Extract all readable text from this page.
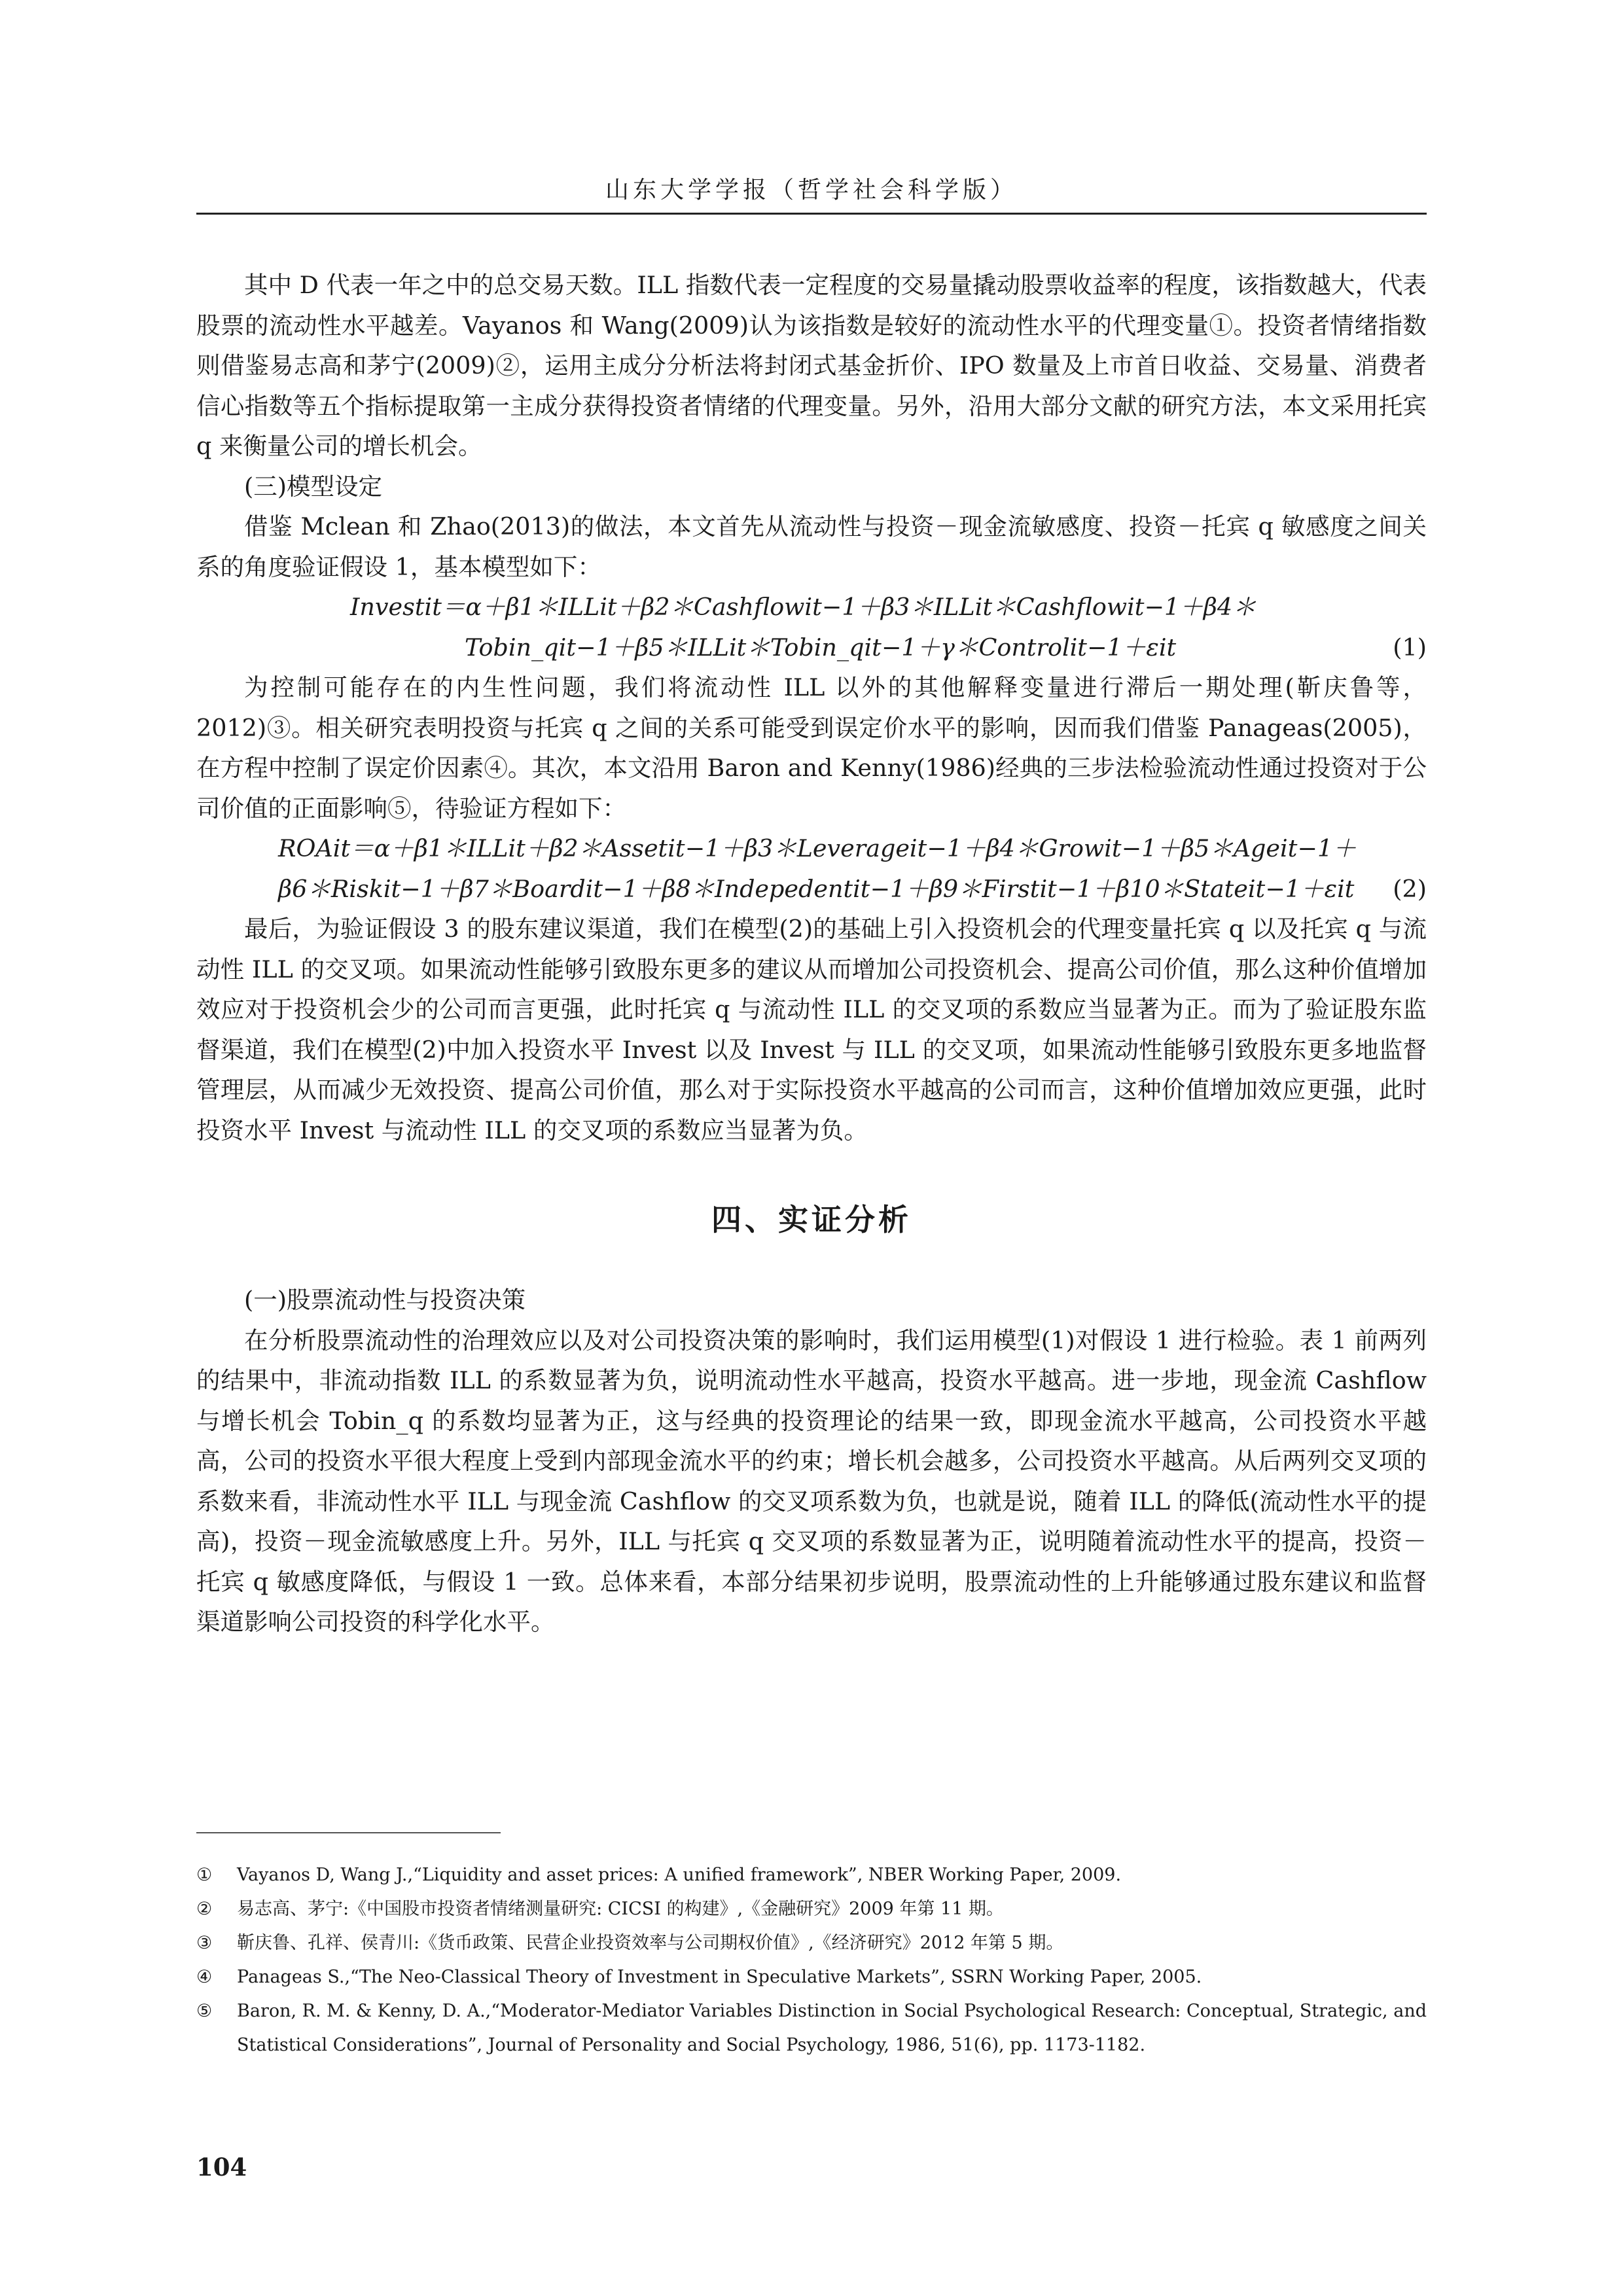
山东大学学报（哲学社会科学版）

其中 D 代表一年之中的总交易天数。ILL 指数代表一定程度的交易量撬动股票收益率的程度，该指数越大，代表股票的流动性水平越差。Vayanos 和 Wang(2009)认为该指数是较好的流动性水平的代理变量①。投资者情绪指数则借鉴易志高和茅宁(2009)②，运用主成分分析法将封闭式基金折价、IPO 数量及上市首日收益、交易量、消费者信心指数等五个指标提取第一主成分获得投资者情绪的代理变量。另外，沿用大部分文献的研究方法，本文采用托宾 q 来衡量公司的增长机会。

(三)模型设定

借鉴 Mclean 和 Zhao(2013)的做法，本文首先从流动性与投资－现金流敏感度、投资－托宾 q 敏感度之间关系的角度验证假设 1，基本模型如下：

Investit＝α＋β1＊ILLit＋β2＊Cashflowit−1＋β3＊ILLit＊Cashflowit−1＋β4＊
Tobin_qit−1＋β5＊ILLit＊Tobin_qit−1＋γ＊Controlit−1＋εit	(1)

为控制可能存在的内生性问题，我们将流动性 ILL 以外的其他解释变量进行滞后一期处理(靳庆鲁等，2012)③。相关研究表明投资与托宾 q 之间的关系可能受到误定价水平的影响，因而我们借鉴 Panageas(2005)，在方程中控制了误定价因素④。其次，本文沿用 Baron and Kenny(1986)经典的三步法检验流动性通过投资对于公司价值的正面影响⑤，待验证方程如下：

ROAit＝α＋β1＊ILLit＋β2＊Assetit−1＋β3＊Leverageit−1＋β4＊Growit−1＋β5＊Ageit−1＋
β6＊Riskit−1＋β7＊Boardit−1＋β8＊Indepedentit−1＋β9＊Firstit−1＋β10＊Stateit−1＋εit (2)

最后，为验证假设 3 的股东建议渠道，我们在模型(2)的基础上引入投资机会的代理变量托宾 q 以及托宾 q 与流动性 ILL 的交叉项。如果流动性能够引致股东更多的建议从而增加公司投资机会、提高公司价值，那么这种价值增加效应对于投资机会少的公司而言更强，此时托宾 q 与流动性 ILL 的交叉项的系数应当显著为正。而为了验证股东监督渠道，我们在模型(2)中加入投资水平 Invest 以及 Invest 与 ILL 的交叉项，如果流动性能够引致股东更多地监督管理层，从而减少无效投资、提高公司价值，那么对于实际投资水平越高的公司而言，这种价值增加效应更强，此时投资水平 Invest 与流动性 ILL 的交叉项的系数应当显著为负。

四、实证分析
(一)股票流动性与投资决策

在分析股票流动性的治理效应以及对公司投资决策的影响时，我们运用模型(1)对假设 1 进行检验。表 1 前两列的结果中，非流动指数 ILL 的系数显著为负，说明流动性水平越高，投资水平越高。进一步地，现金流 Cashflow 与增长机会 Tobin_q 的系数均显著为正，这与经典的投资理论的结果一致，即现金流水平越高，公司投资水平越高，公司的投资水平很大程度上受到内部现金流水平的约束；增长机会越多，公司投资水平越高。从后两列交叉项的系数来看，非流动性水平 ILL 与现金流 Cashflow 的交叉项系数为负，也就是说，随着 ILL 的降低(流动性水平的提高)，投资－现金流敏感度上升。另外，ILL 与托宾 q 交叉项的系数显著为正，说明随着流动性水平的提高，投资－托宾 q 敏感度降低，与假设 1 一致。总体来看，本部分结果初步说明，股票流动性的上升能够通过股东建议和监督渠道影响公司投资的科学化水平。

① Vayanos D, Wang J.,“Liquidity and asset prices: A unified framework”, NBER Working Paper, 2009.
② 易志高、茅宁:《中国股市投资者情绪测量研究: CICSI 的构建》,《金融研究》2009 年第 11 期。
③ 靳庆鲁、孔祥、侯青川:《货币政策、民营企业投资效率与公司期权价值》,《经济研究》2012 年第 5 期。
④ Panageas S.,“The Neo-Classical Theory of Investment in Speculative Markets”, SSRN Working Paper, 2005.
⑤ Baron, R. M. & Kenny, D. A.,“Moderator-Mediator Variables Distinction in Social Psychological Research: Conceptual, Strategic, and Statistical Considerations”, Journal of Personality and Social Psychology, 1986, 51(6), pp. 1173-1182.
104
